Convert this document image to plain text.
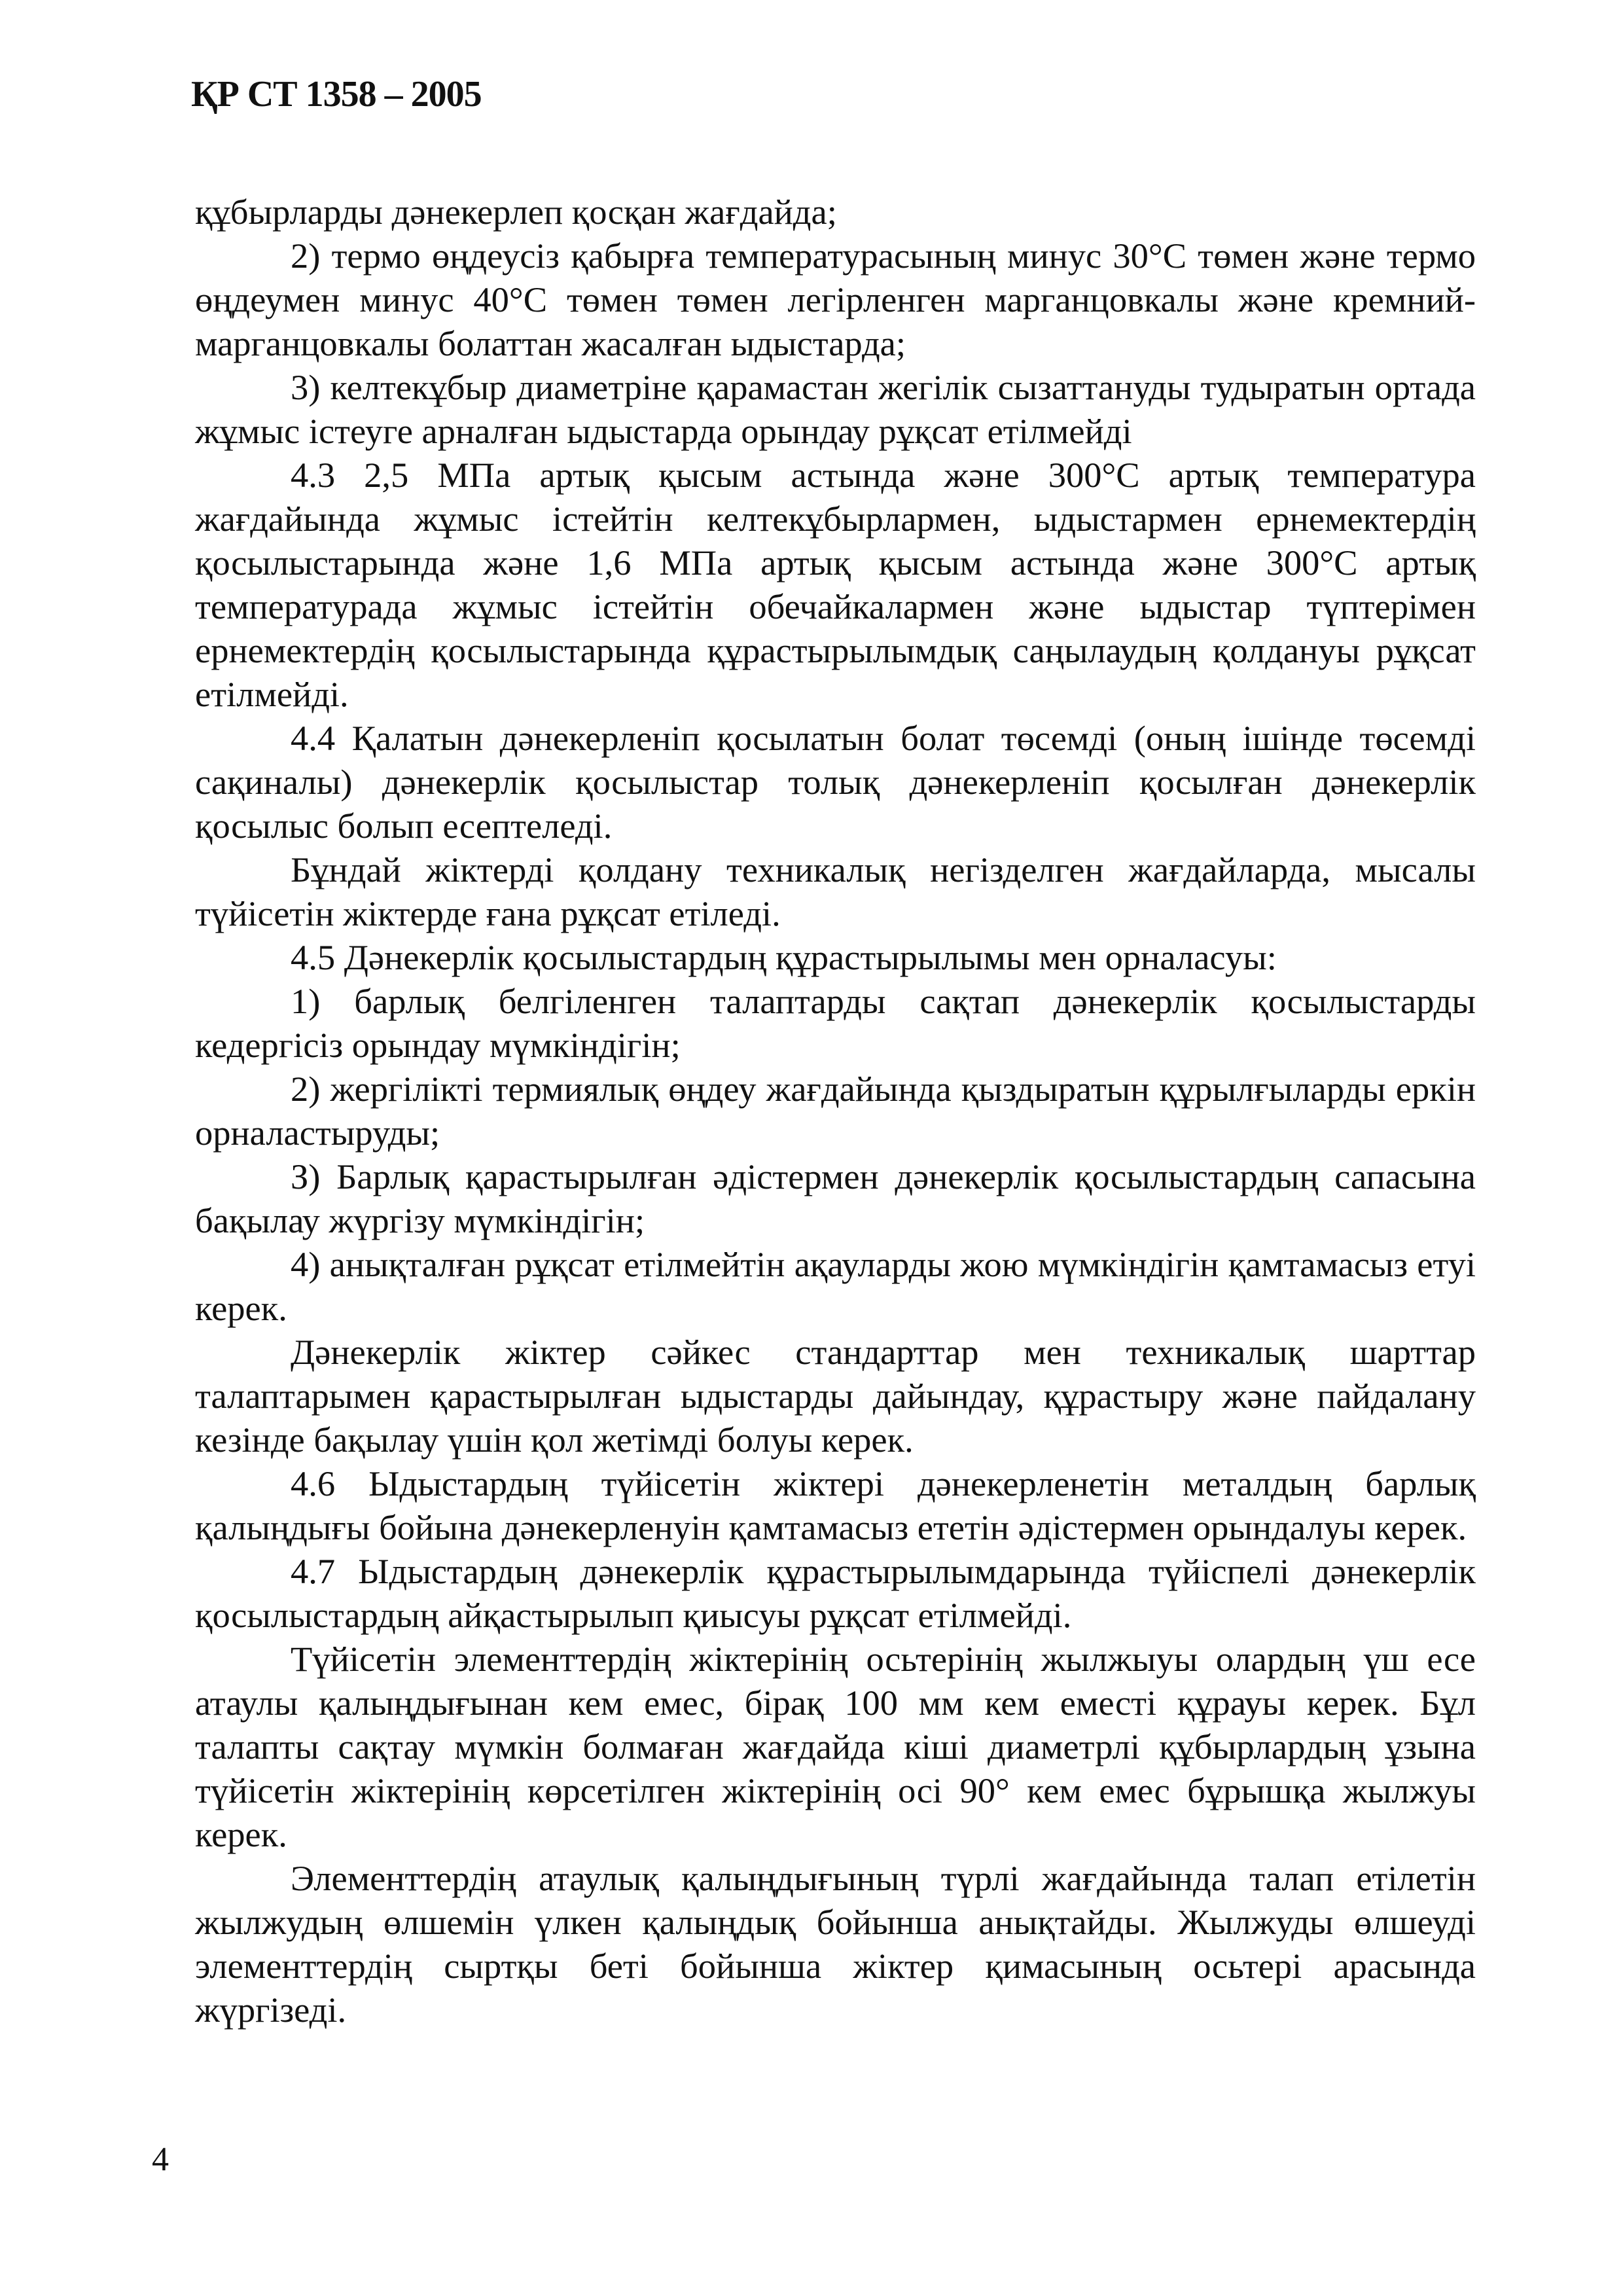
ҚР СТ 1358 – 2005

құбырларды дәнекерлеп қосқан жағдайда;

2) термо өңдеусіз қабырға температурасының минус 30°С төмен және термо өңдеумен минус 40°С төмен төмен легірленген марганцовкалы және кремний-марганцовкалы болаттан жасалған ыдыстарда;

3) келтекұбыр диаметріне қарамастан жегілік сызаттануды тудыратын ортада жұмыс істеуге арналған ыдыстарда орындау рұқсат етілмейді

4.3 2,5 МПа артық қысым астында және 300°С артық температура жағдайында жұмыс істейтін келтекұбырлармен, ыдыстармен ернемектердің қосылыстарында және 1,6 МПа артық қысым астында және 300°С артық температурада жұмыс істейтін обечайкалармен және ыдыстар түптерімен ернемектердің қосылыстарында құрастырылымдық саңылаудың қолдануы рұқсат етілмейді.

4.4 Қалатын дәнекерленіп қосылатын болат төсемді (оның ішінде төсемді сақиналы) дәнекерлік қосылыстар толық дәнекерленіп қосылған дәнекерлік қосылыс болып есептеледі.

Бұндай жіктерді қолдану техникалық негізделген жағдайларда, мысалы түйісетін жіктерде ғана рұқсат етіледі.

4.5 Дәнекерлік қосылыстардың құрастырылымы мен орналасуы:

1) барлық белгіленген талаптарды сақтап дәнекерлік қосылыстарды кедергісіз орындау мүмкіндігін;

2) жергілікті термиялық өңдеу жағдайында қыздыратын құрылғыларды еркін орналастыруды;

З) Барлық қарастырылған әдістермен дәнекерлік қосылыстардың сапасына бақылау жүргізу мүмкіндігін;

4) анықталған рұқсат етілмейтін ақауларды жою мүмкіндігін қамтамасыз етуі керек.

Дәнекерлік жіктер сәйкес стандарттар мен техникалық шарттар талаптарымен қарастырылған ыдыстарды дайындау, құрастыру және пайдалану кезінде бақылау үшін қол жетімді болуы керек.

4.6 Ыдыстардың түйісетін жіктері дәнекерленетін металдың барлық қалыңдығы бойына дәнекерленуін қамтамасыз ететін әдістермен орындалуы керек.

4.7 Ыдыстардың дәнекерлік құрастырылымдарында түйіспелі дәнекерлік қосылыстардың айқастырылып қиысуы рұқсат етілмейді.

Түйісетін элементтердің жіктерінің осьтерінің жылжыуы олардың үш есе атаулы қалыңдығынан кем емес, бірақ 100 мм кем еместі құрауы керек. Бұл талапты сақтау мүмкін болмаған жағдайда кіші диаметрлі құбырлардың ұзына түйісетін жіктерінің көрсетілген жіктерінің осі 90° кем емес бұрышқа жылжуы керек.

Элементтердің атаулық қалыңдығының түрлі жағдайында талап етілетін жылжудың өлшемін үлкен қалыңдық бойынша анықтайды. Жылжуды өлшеуді элементтердің сыртқы беті бойынша жіктер қимасының осьтері арасында жүргізеді.

4
